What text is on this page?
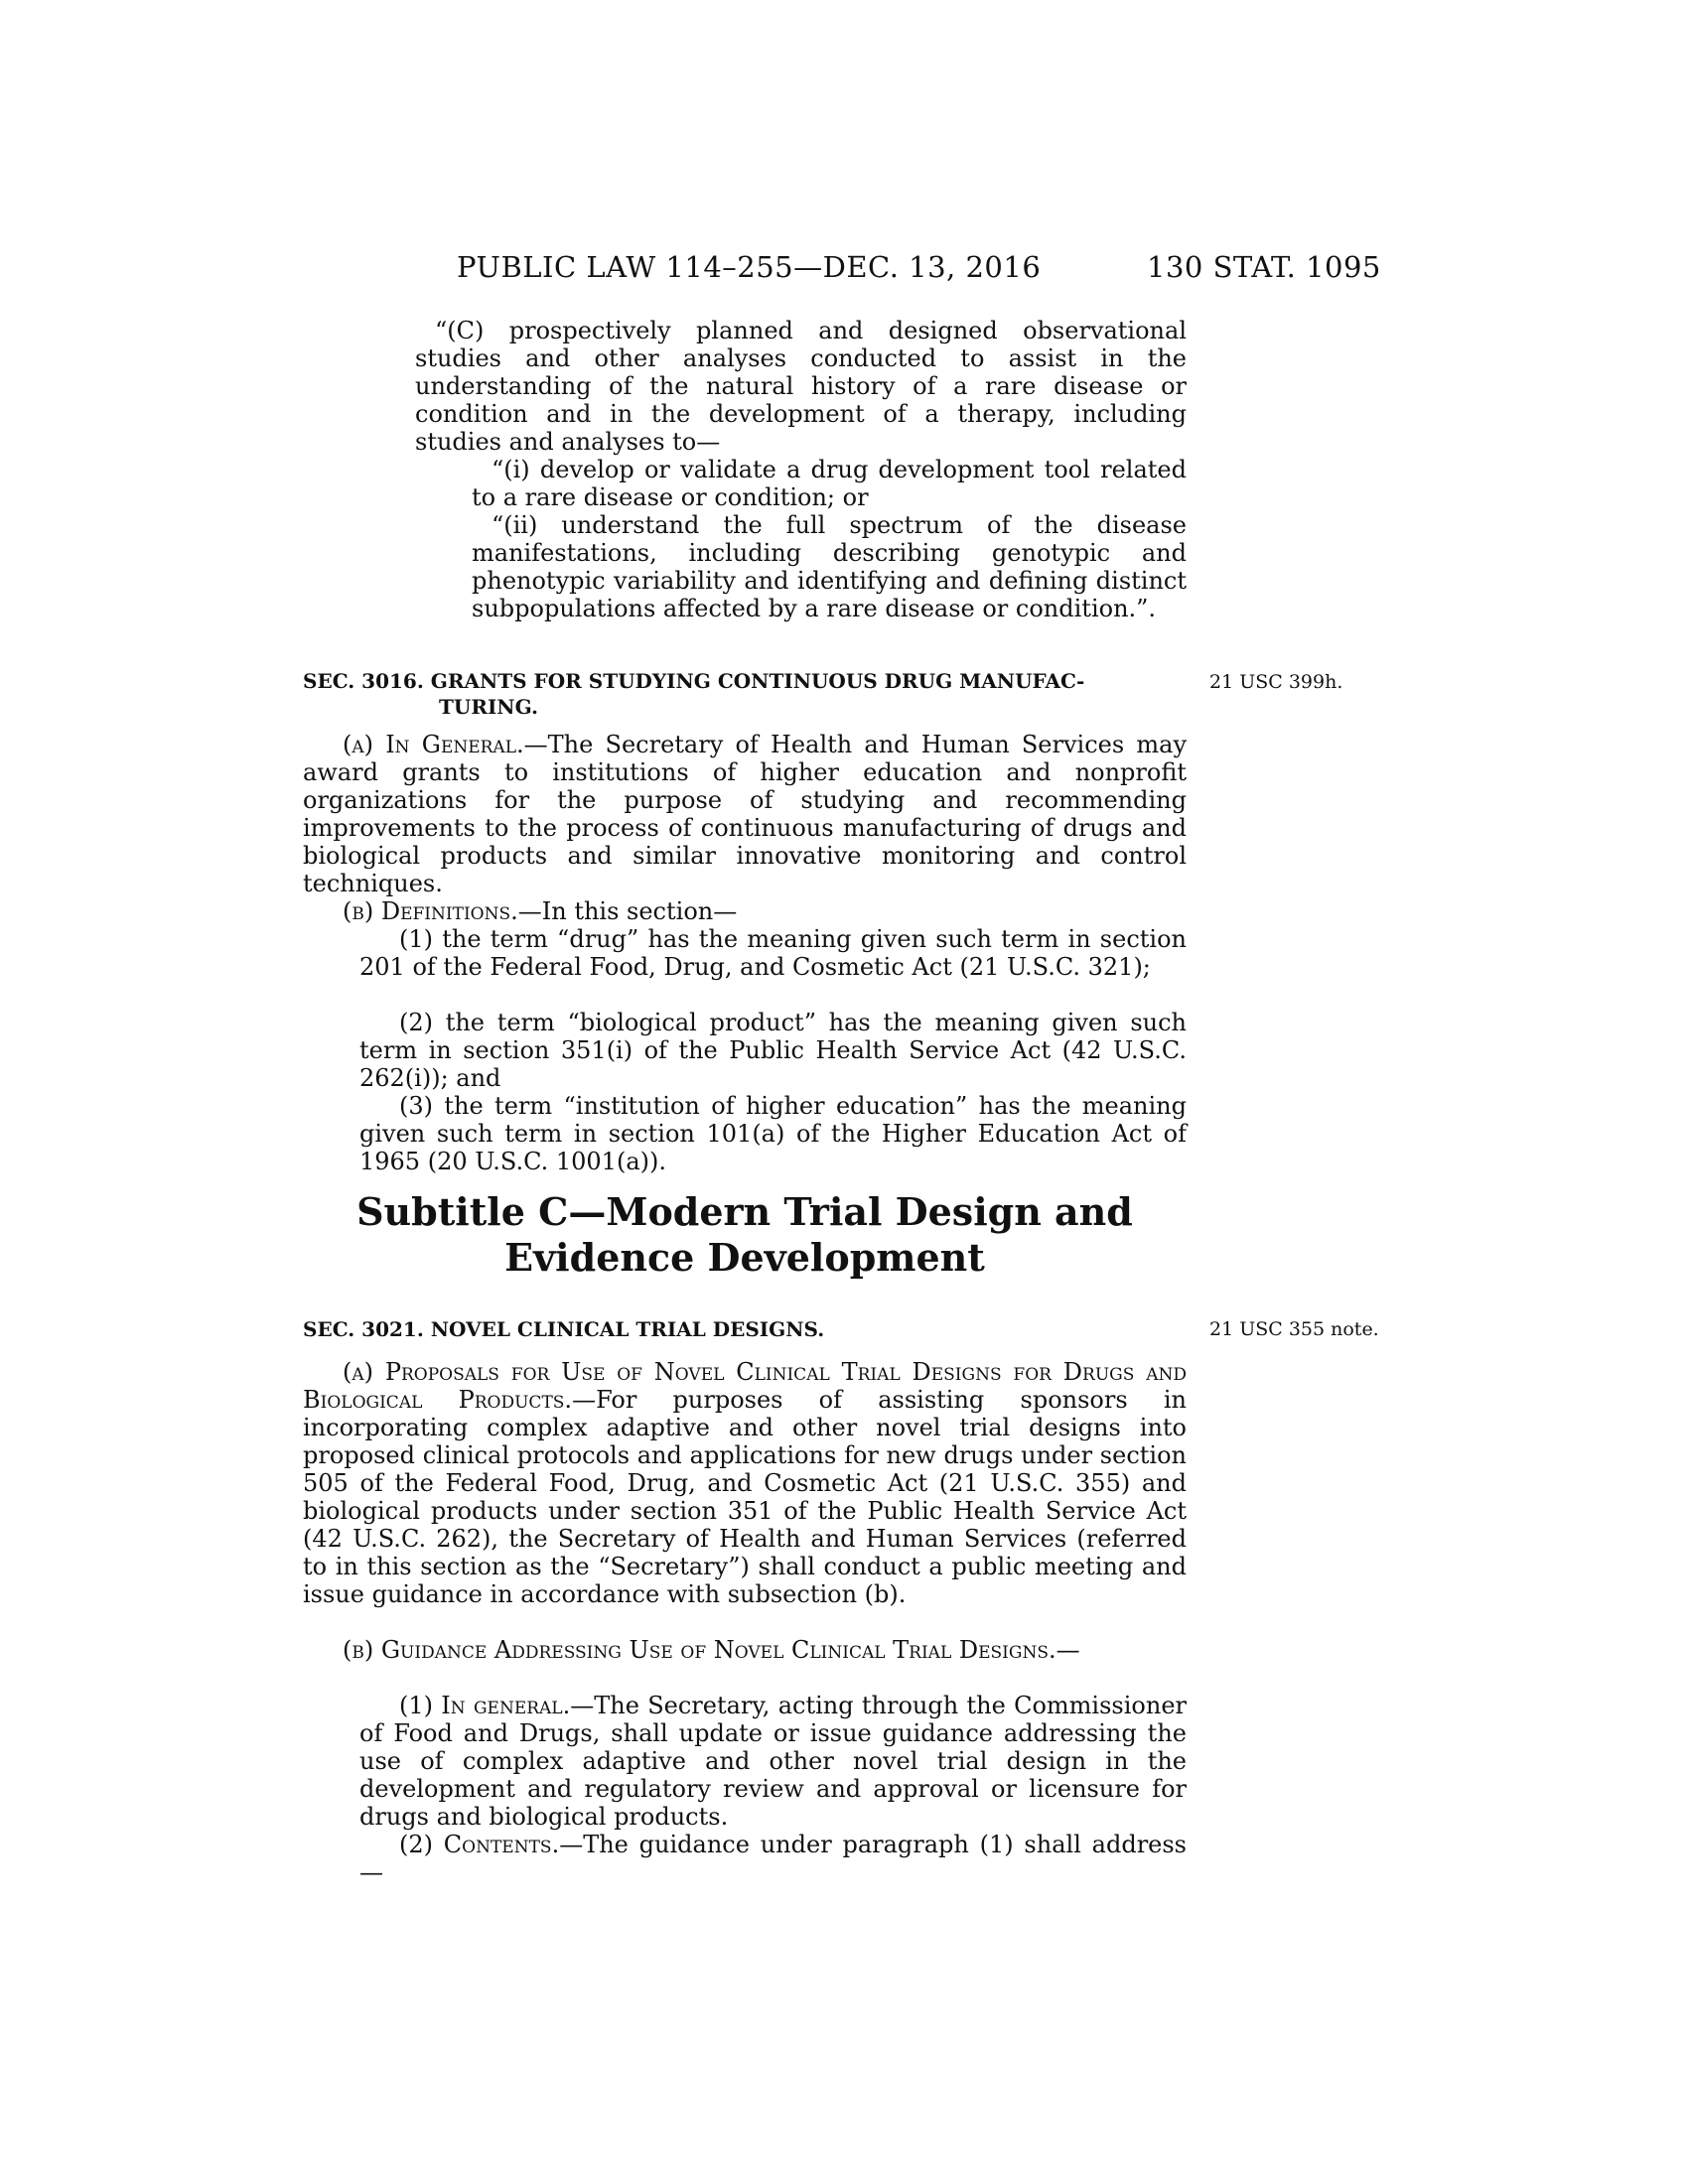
PUBLIC LAW 114–255—DEC. 13, 2016	130 STAT. 1095
“(C) prospectively planned and designed observational studies and other analyses conducted to assist in the understanding of the natural history of a rare disease or condition and in the development of a therapy, including studies and analyses to—
“(i) develop or validate a drug development tool related to a rare disease or condition; or
“(ii) understand the full spectrum of the disease manifestations, including describing genotypic and phenotypic variability and identifying and defining distinct subpopulations affected by a rare disease or condition.”.
SEC. 3016. GRANTS FOR STUDYING CONTINUOUS DRUG MANUFAC-
TURING.
21 USC 399h.
(a) In General.—The Secretary of Health and Human Services may award grants to institutions of higher education and nonprofit organizations for the purpose of studying and recommending improvements to the process of continuous manufacturing of drugs and biological products and similar innovative monitoring and control techniques.
(b) Definitions.—In this section—
(1) the term “drug” has the meaning given such term in section 201 of the Federal Food, Drug, and Cosmetic Act (21 U.S.C. 321);
(2) the term “biological product” has the meaning given such term in section 351(i) of the Public Health Service Act (42 U.S.C. 262(i)); and
(3) the term “institution of higher education” has the meaning given such term in section 101(a) of the Higher Education Act of 1965 (20 U.S.C. 1001(a)).
Subtitle C—Modern Trial Design and
Evidence Development
SEC. 3021. NOVEL CLINICAL TRIAL DESIGNS.	21 USC 355 note.
(a) Proposals for Use of Novel Clinical Trial Designs for Drugs and Biological Products.—For purposes of assisting sponsors in incorporating complex adaptive and other novel trial designs into proposed clinical protocols and applications for new drugs under section 505 of the Federal Food, Drug, and Cosmetic Act (21 U.S.C. 355) and biological products under section 351 of the Public Health Service Act (42 U.S.C. 262), the Secretary of Health and Human Services (referred to in this section as the “Secretary”) shall conduct a public meeting and issue guidance in accordance with subsection (b).
(b) Guidance Addressing Use of Novel Clinical Trial Designs.—
(1) In general.—The Secretary, acting through the Commissioner of Food and Drugs, shall update or issue guidance addressing the use of complex adaptive and other novel trial design in the development and regulatory review and approval or licensure for drugs and biological products.
(2) Contents.—The guidance under paragraph (1) shall address—
